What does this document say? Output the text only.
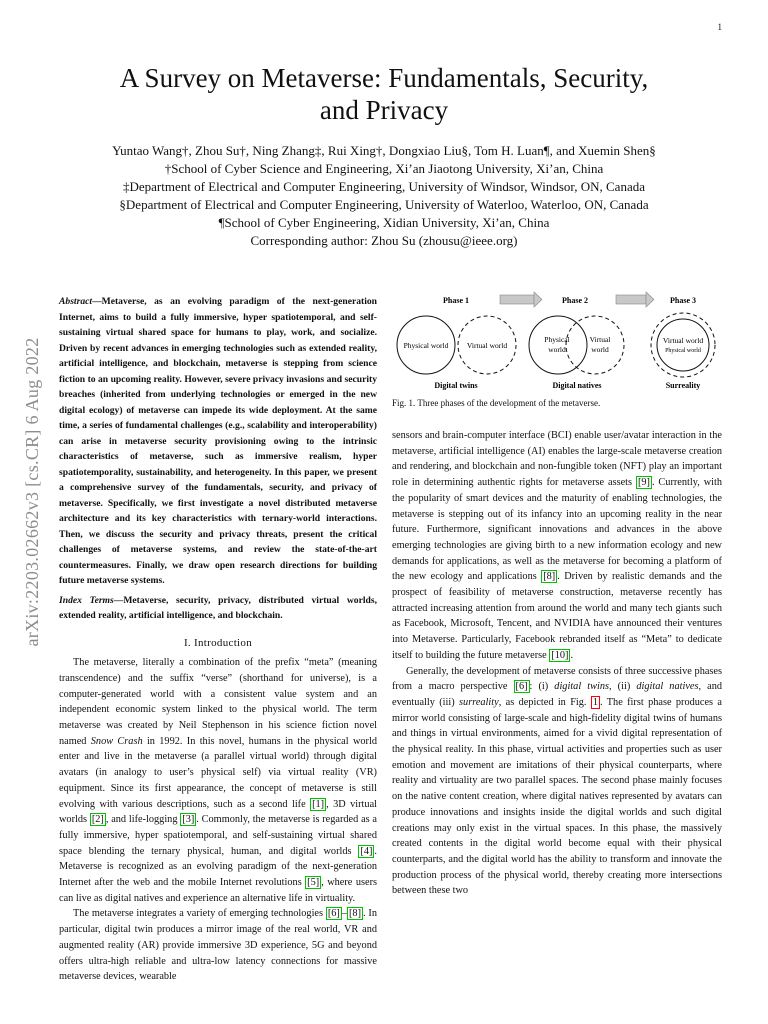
1
arXiv:2203.02662v3 [cs.CR] 6 Aug 2022
A Survey on Metaverse: Fundamentals, Security,
and Privacy
Yuntao Wang†, Zhou Su†, Ning Zhang‡, Rui Xing†, Dongxiao Liu§, Tom H. Luan¶, and Xuemin Shen§
†School of Cyber Science and Engineering, Xi’an Jiaotong University, Xi’an, China
‡Department of Electrical and Computer Engineering, University of Windsor, Windsor, ON, Canada
§Department of Electrical and Computer Engineering, University of Waterloo, Waterloo, ON, Canada
¶School of Cyber Engineering, Xidian University, Xi’an, China
Corresponding author: Zhou Su (zhousu@ieee.org)
Abstract—Metaverse, as an evolving paradigm of the next-generation Internet, aims to build a fully immersive, hyper spatiotemporal, and self-sustaining virtual shared space for humans to play, work, and socialize. Driven by recent advances in emerging technologies such as extended reality, artificial intelligence, and blockchain, metaverse is stepping from science fiction to an upcoming reality. However, severe privacy invasions and security breaches (inherited from underlying technologies or emerged in the new digital ecology) of metaverse can impede its wide deployment. At the same time, a series of fundamental challenges (e.g., scalability and interoperability) can arise in metaverse security provisioning owing to the intrinsic characteristics of metaverse, such as immersive realism, hyper spatiotemporality, sustainability, and heterogeneity. In this paper, we present a comprehensive survey of the fundamentals, security, and privacy of metaverse. Specifically, we first investigate a novel distributed metaverse architecture and its key characteristics with ternary-world interactions. Then, we discuss the security and privacy threats, present the critical challenges of metaverse systems, and review the state-of-the-art countermeasures. Finally, we draw open research directions for building future metaverse systems.
Index Terms—Metaverse, security, privacy, distributed virtual worlds, extended reality, artificial intelligence, and blockchain.
I. Introduction

The metaverse, literally a combination of the prefix “meta” (meaning transcendence) and the suffix “verse” (shorthand for universe), is a computer-generated world with a consistent value system and an independent economic system linked to the physical world. The term metaverse was created by Neil Stephenson in his science fiction novel named Snow Crash in 1992. In this novel, humans in the physical world enter and live in the metaverse (a parallel virtual world) through digital avatars (in analogy to user’s physical self) via virtual reality (VR) equipment. Since its first appearance, the concept of metaverse is still evolving with various descriptions, such as a second life [1] , 3D virtual worlds [2] , and life-logging [3] . Commonly, the metaverse is regarded as a fully immersive, hyper spatiotemporal, and self-sustaining virtual shared space blending the ternary physical, human, and digital worlds [4] . Metaverse is recognized as an evolving paradigm of the next-generation Internet after the web and the mobile Internet revolutions [5] , where users can live as digital natives and experience an alternative life in virtuality.

The metaverse integrates a variety of emerging technologies [6] – [8] . In particular, digital twin produces a mirror image of the real world, VR and augmented reality (AR) provide immersive 3D experience, 5G and beyond offers ultra-high reliable and ultra-low latency connections for massive metaverse devices, wearable

Phase 1	Phase 2	Phase 3
Physical world Virtual world
Physical
world
Virtual
world
Virtual world
Physical world
Digital twins	Digital natives	Surreality
Fig. 1. Three phases of the development of the metaverse.

sensors and brain-computer interface (BCI) enable user/avatar interaction in the metaverse, artificial intelligence (AI) enables the large-scale metaverse creation and rendering, and blockchain and non-fungible token (NFT) play an important role in determining authentic rights for metaverse assets [9] . Currently, with the popularity of smart devices and the maturity of enabling technologies, the metaverse is stepping out of its infancy into an upcoming reality in the near future. Furthermore, significant innovations and advances in the above emerging technologies are giving birth to a new information ecology and new demands for applications, as well as the metaverse for becoming a platform of the new ecology and applications [8] . Driven by realistic demands and the prospect of feasibility of metaverse construction, metaverse recently has attracted increasing attention from around the world and many tech giants such as Facebook, Microsoft, Tencent, and NVIDIA have announced their ventures into Metaverse. Particularly, Facebook rebranded itself as “Meta” to dedicate itself to building the future metaverse [10] .

Generally, the development of metaverse consists of three successive phases from a macro perspective [6] : (i) digital twins, (ii) digital natives, and eventually (iii) surreality, as depicted in Fig. 1 . The first phase produces a mirror world consisting of large-scale and high-fidelity digital twins of humans and things in virtual environments, aimed for a vivid digital representation of the physical reality. In this phase, virtual activities and properties such as user emotion and movement are imitations of their physical counterparts, where reality and virtuality are two parallel spaces. The second phase mainly focuses on the native content creation, where digital natives represented by avatars can produce innovations and insights inside the digital worlds and such digital creations may only exist in the virtual spaces. In this phase, the massively created contents in the digital world become equal with their physical counterparts, and the digital world has the ability to transform and innovate the production process of the physical world, thereby creating more intersections between these two
